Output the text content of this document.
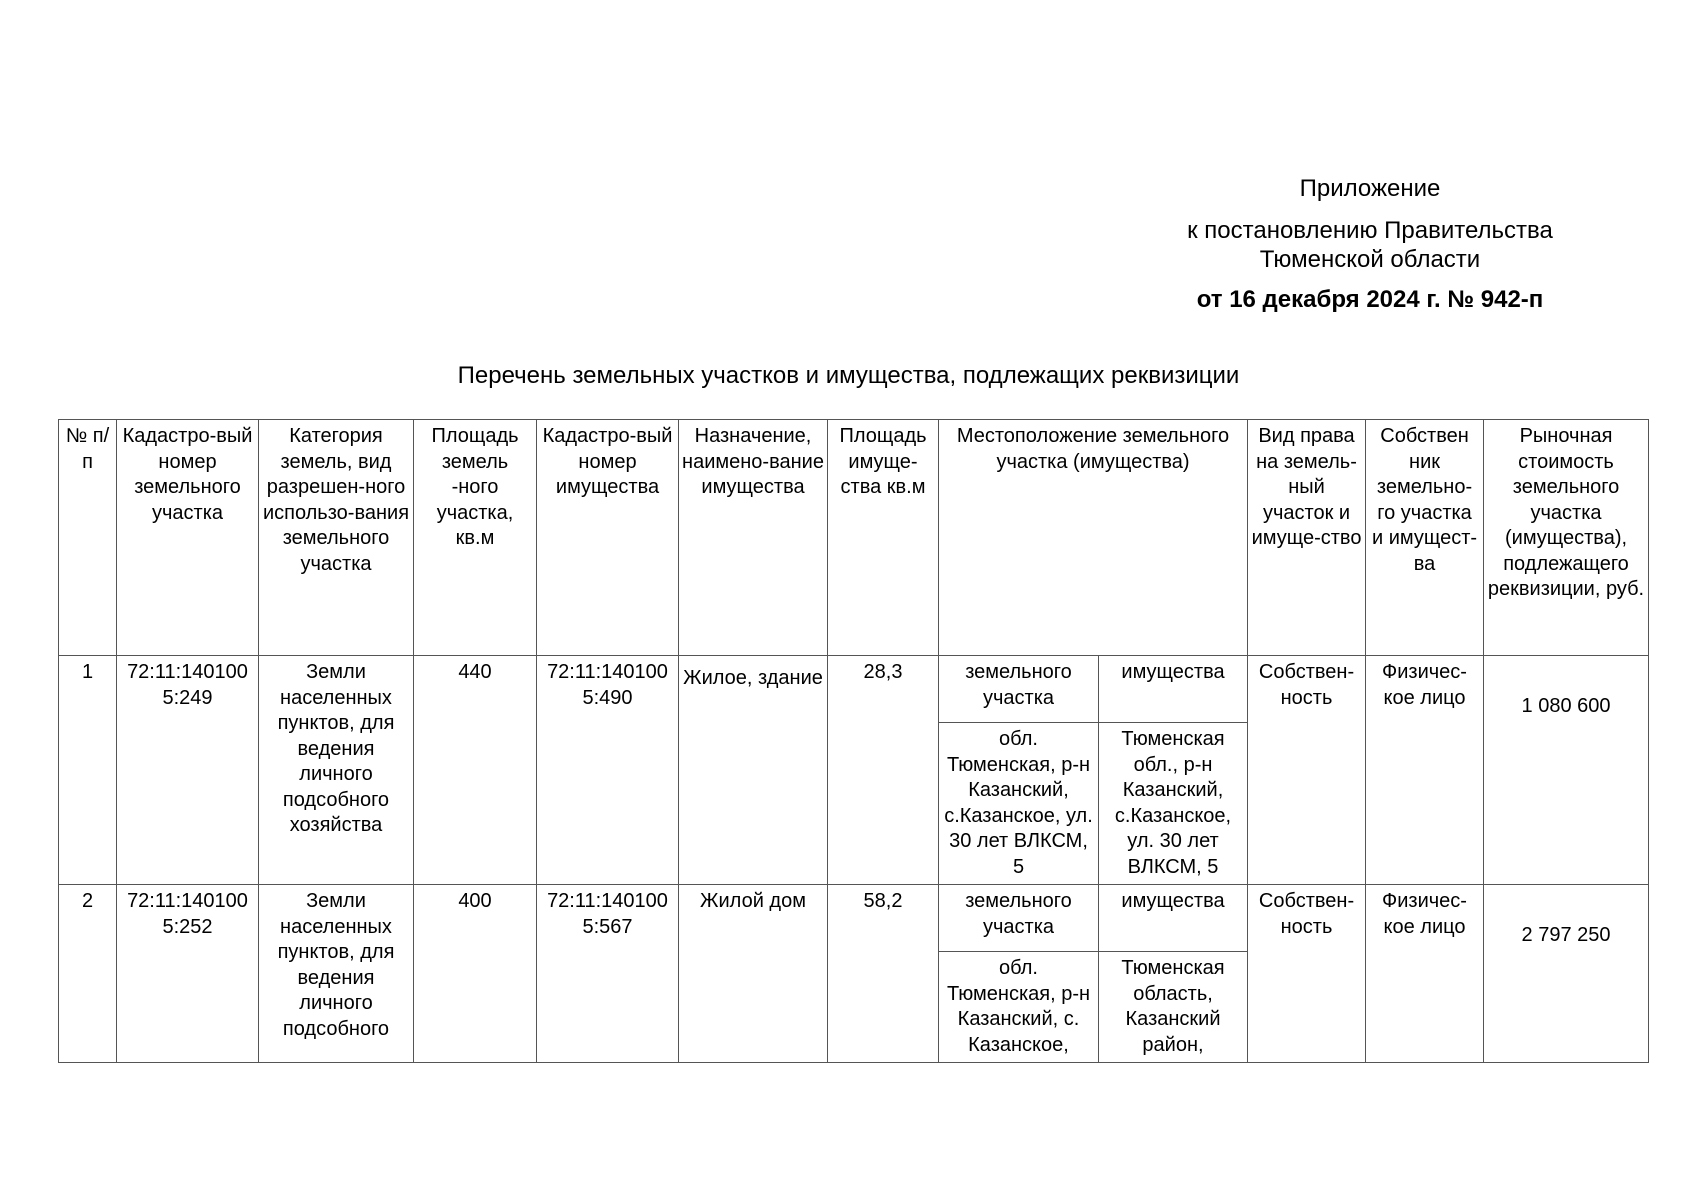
Приложение
к постановлению Правительства
Тюменской области
от 16 декабря 2024 г. № 942-п
Перечень земельных участков и имущества, подлежащих реквизиции
№ п/п	Кадастро-вый номер земельного участка	Категория земель, вид разрешен-ного использо-вания земельного участка	Площадь земель -ного участка, кв.м	Кадастро-вый номер имущества	Назначение, наимено-вание имущества	Площадь имуще-ства кв.м	Местоположение земельного участка (имущества)		Вид права на земель-ный участок и имуще-ство	Собствен ник земельно-го участка и имущест-ва	Рыночная стоимость земельного участка (имущества), подлежащего реквизиции, руб.
1	72:11:140100 5:249	Земли населенных пунктов, для ведения личного подсобного хозяйства	440	72:11:140100 5:490	Жилое, здание	28,3	земельного участка	имущества	Собствен-ность	Физичес-кое лицо	1 080 600
							обл. Тюменская, р-н Казанский, с.Казанское, ул. 30 лет ВЛКСМ, 5	Тюменская обл., р-н Казанский, с.Казанское, ул. 30 лет ВЛКСМ, 5			
2	72:11:140100 5:252	Земли населенных пунктов, для ведения личного подсобного	400	72:11:140100 5:567	Жилой дом	58,2	земельного участка	имущества	Собствен-ность	Физичес-кое лицо	2 797 250
							обл. Тюменская, р-н Казанский, с. Казанское,	Тюменская область, Казанский район,			
